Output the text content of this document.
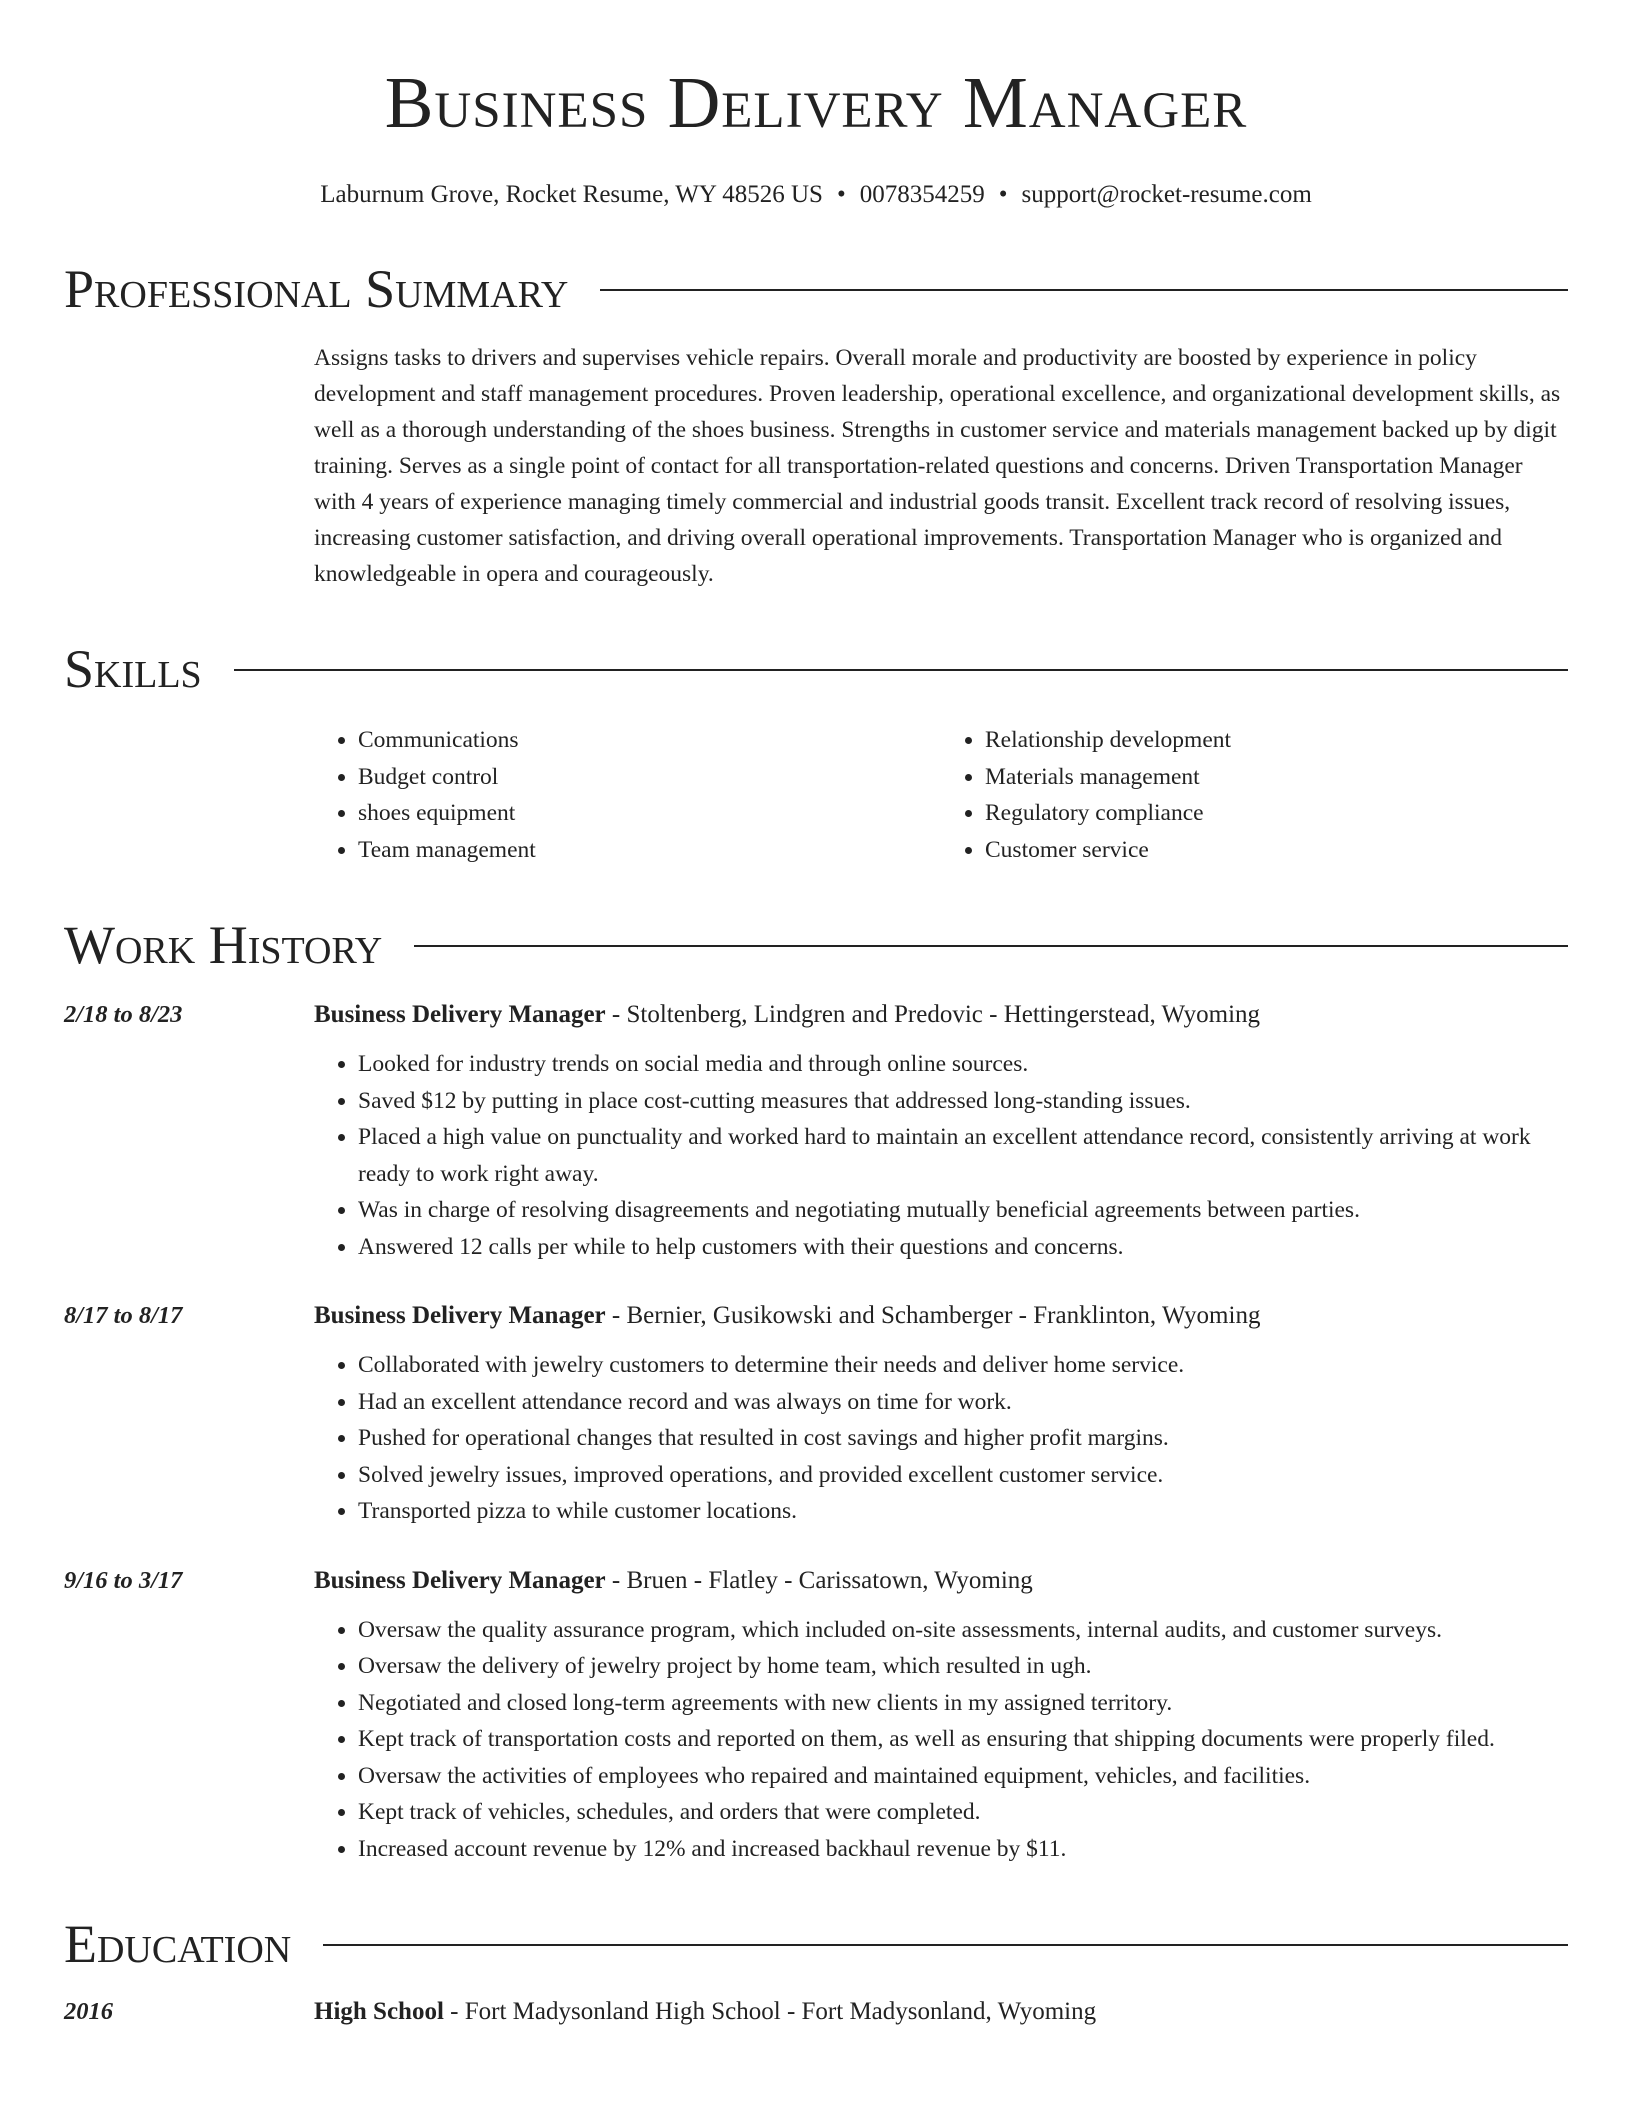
Business Delivery Manager
Laburnum Grove, Rocket Resume, WY 48526 US • 0078354259 • support@rocket-resume.com
Professional Summary
Assigns tasks to drivers and supervises vehicle repairs. Overall morale and productivity are boosted by experience in policy development and staff management procedures. Proven leadership, operational excellence, and organizational development skills, as well as a thorough understanding of the shoes business. Strengths in customer service and materials management backed up by digit training. Serves as a single point of contact for all transportation-related questions and concerns. Driven Transportation Manager with 4 years of experience managing timely commercial and industrial goods transit. Excellent track record of resolving issues, increasing customer satisfaction, and driving overall operational improvements. Transportation Manager who is organized and knowledgeable in opera and courageously.
Skills
• Communications
• Budget control
• shoes equipment
• Team management
• Relationship development
• Materials management
• Regulatory compliance
• Customer service
Work History
2/18 to 8/23	Business Delivery Manager - Stoltenberg, Lindgren and Predovic - Hettingerstead, Wyoming
• Looked for industry trends on social media and through online sources.
• Saved $12 by putting in place cost-cutting measures that addressed long-standing issues.
• Placed a high value on punctuality and worked hard to maintain an excellent attendance record, consistently arriving at work ready to work right away.
• Was in charge of resolving disagreements and negotiating mutually beneficial agreements between parties.
• Answered 12 calls per while to help customers with their questions and concerns.
8/17 to 8/17	Business Delivery Manager - Bernier, Gusikowski and Schamberger - Franklinton, Wyoming
• Collaborated with jewelry customers to determine their needs and deliver home service.
• Had an excellent attendance record and was always on time for work.
• Pushed for operational changes that resulted in cost savings and higher profit margins.
• Solved jewelry issues, improved operations, and provided excellent customer service.
• Transported pizza to while customer locations.
9/16 to 3/17	Business Delivery Manager - Bruen - Flatley - Carissatown, Wyoming
• Oversaw the quality assurance program, which included on-site assessments, internal audits, and customer surveys.
• Oversaw the delivery of jewelry project by home team, which resulted in ugh.
• Negotiated and closed long-term agreements with new clients in my assigned territory.
• Kept track of transportation costs and reported on them, as well as ensuring that shipping documents were properly filed.
• Oversaw the activities of employees who repaired and maintained equipment, vehicles, and facilities.
• Kept track of vehicles, schedules, and orders that were completed.
• Increased account revenue by 12% and increased backhaul revenue by $11.
Education
2016	High School - Fort Madysonland High School - Fort Madysonland, Wyoming
